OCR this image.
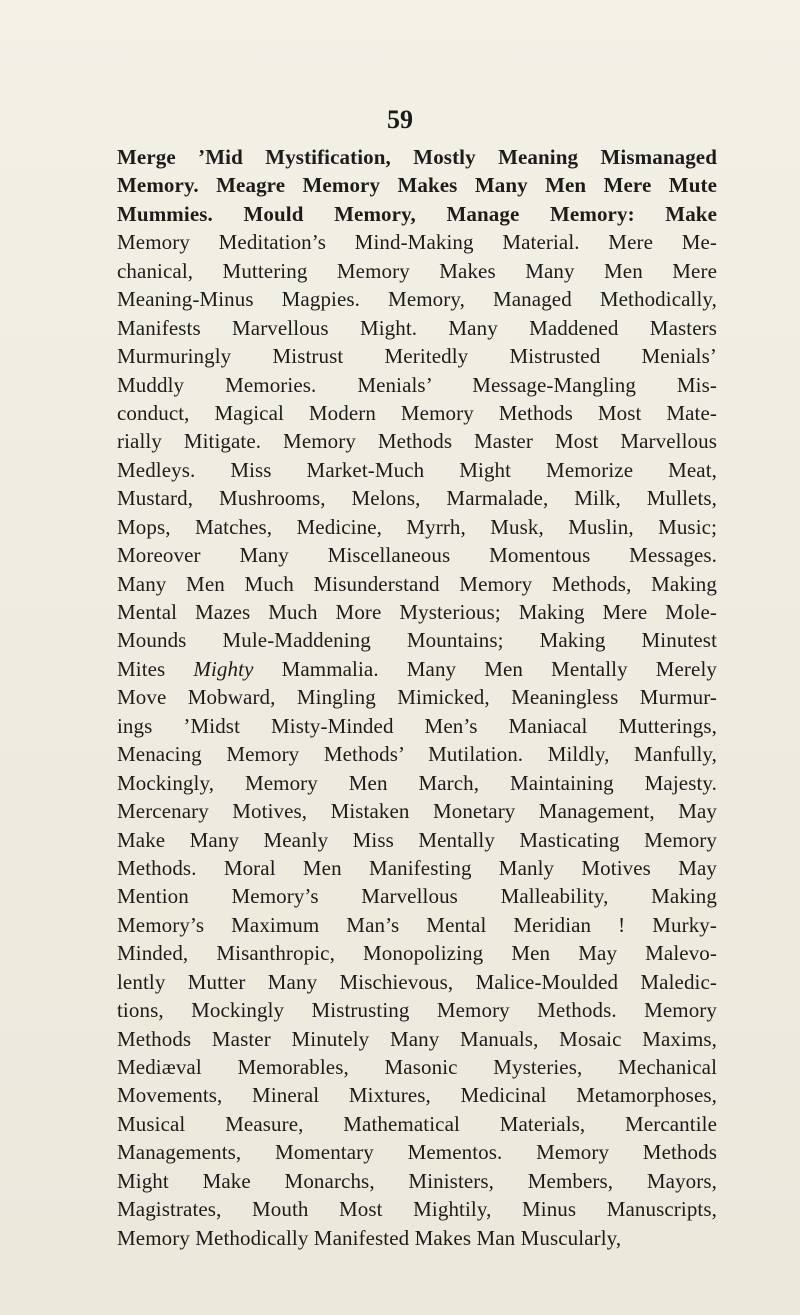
59
Merge ’Mid Mystification, Mostly Meaning Mismanaged
Memory. Meagre Memory Makes Many Men Mere Mute
Mummies. Mould Memory, Manage Memory: Make
Memory Meditation’s Mind-Making Material. Mere Me-
chanical, Muttering Memory Makes Many Men Mere
Meaning-Minus Magpies. Memory, Managed Methodically,
Manifests Marvellous Might. Many Maddened Masters
Murmuringly Mistrust Meritedly Mistrusted Menials’
Muddly Memories. Menials’ Message-Mangling Mis-
conduct, Magical Modern Memory Methods Most Mate-
rially Mitigate. Memory Methods Master Most Marvellous
Medleys. Miss Market-Much Might Memorize Meat,
Mustard, Mushrooms, Melons, Marmalade, Milk, Mullets,
Mops, Matches, Medicine, Myrrh, Musk, Muslin, Music;
Moreover Many Miscellaneous Momentous Messages.
Many Men Much Misunderstand Memory Methods, Making
Mental Mazes Much More Mysterious; Making Mere Mole-
Mounds Mule-Maddening Mountains; Making Minutest
Mites Mighty Mammalia. Many Men Mentally Merely
Move Mobward, Mingling Mimicked, Meaningless Murmur-
ings ’Midst Misty-Minded Men’s Maniacal Mutterings,
Menacing Memory Methods’ Mutilation. Mildly, Manfully,
Mockingly, Memory Men March, Maintaining Majesty.
Mercenary Motives, Mistaken Monetary Management, May
Make Many Meanly Miss Mentally Masticating Memory
Methods. Moral Men Manifesting Manly Motives May
Mention Memory’s Marvellous Malleability, Making
Memory’s Maximum Man’s Mental Meridian ! Murky-
Minded, Misanthropic, Monopolizing Men May Malevo-
lently Mutter Many Mischievous, Malice-Moulded Maledic-
tions, Mockingly Mistrusting Memory Methods. Memory
Methods Master Minutely Many Manuals, Mosaic Maxims,
Mediæval Memorables, Masonic Mysteries, Mechanical
Movements, Mineral Mixtures, Medicinal Metamorphoses,
Musical Measure, Mathematical Materials, Mercantile
Managements, Momentary Mementos. Memory Methods
Might Make Monarchs, Ministers, Members, Mayors,
Magistrates, Mouth Most Mightily, Minus Manuscripts,
Memory Methodically Manifested Makes Man Muscularly,
